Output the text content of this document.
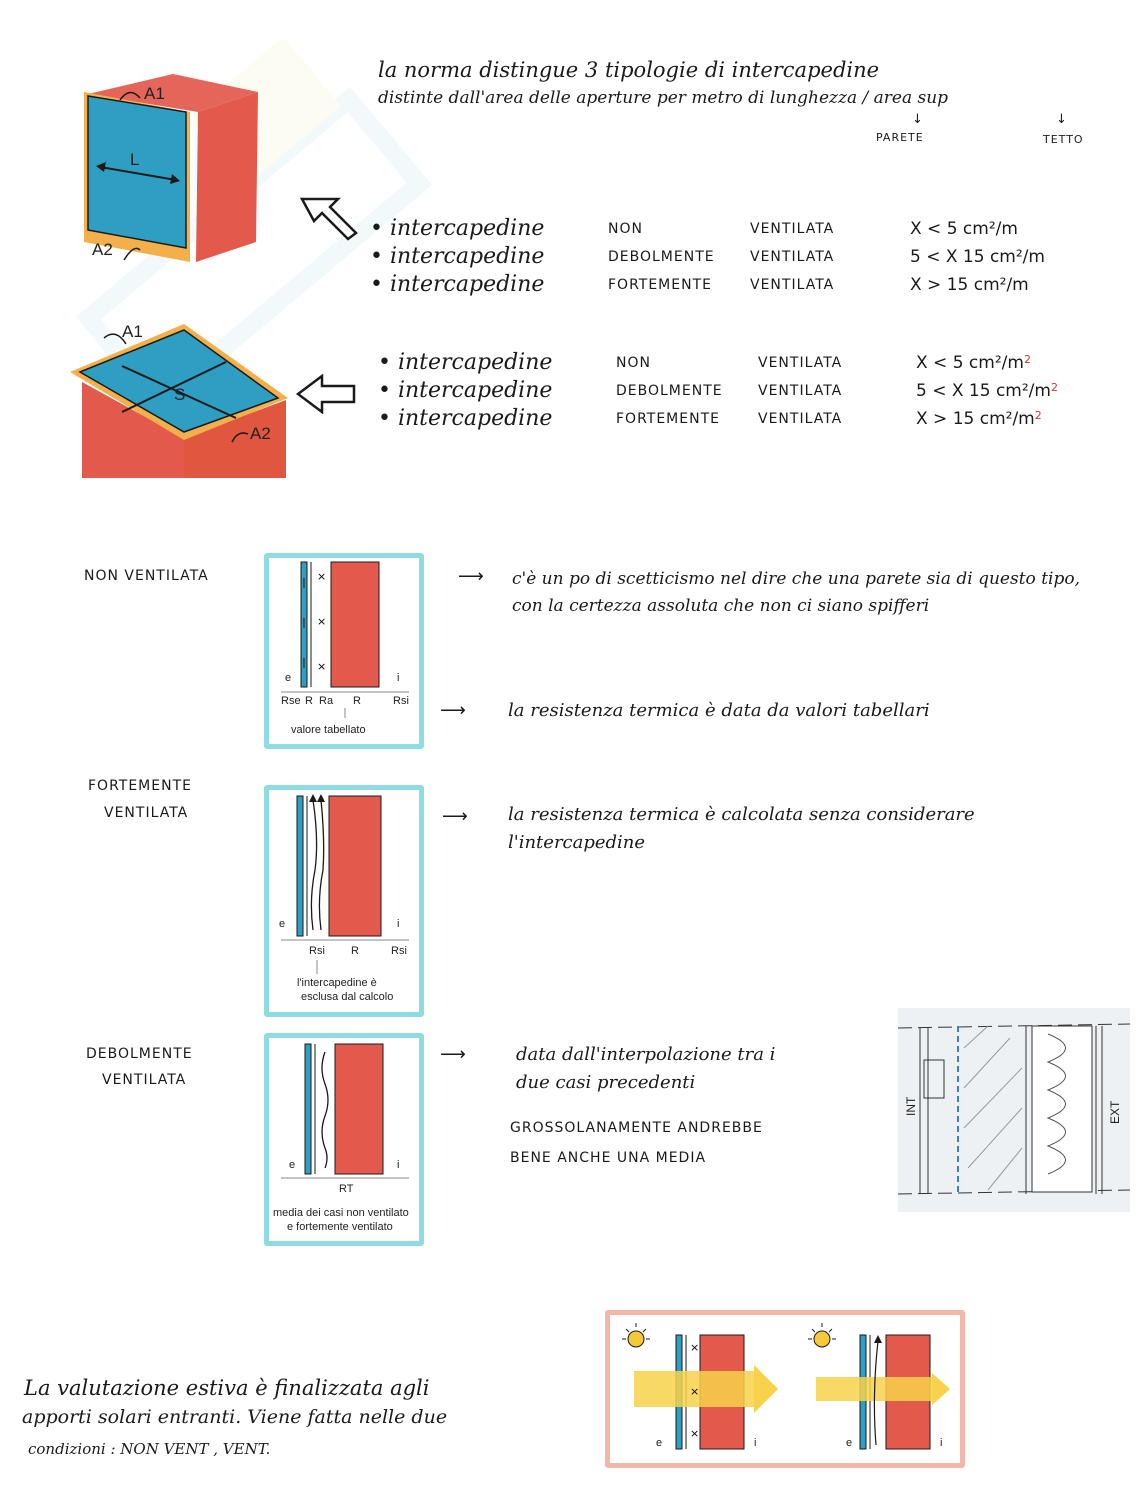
A1
L
A2
la norma distingue 3 tipologie di intercapedine
distinte dall'area delle aperture per metro di lunghezza / area sup
↓	↓
PARETE	TETTO
• intercapedine	NON	VENTILATA	X < 5 cm²/m
• intercapedine	DEBOLMENTE	VENTILATA	5 < X 15 cm²/m
• intercapedine	FORTEMENTE	VENTILATA	X > 15 cm²/m
A1
S
A2
• intercapedine	NON	VENTILATA	X < 5 cm²/$m^2$
• intercapedine	DEBOLMENTE	VENTILATA	5 < X 15 cm²/$m^2$
• intercapedine	FORTEMENTE	VENTILATA	X > 15 cm²/$m^2$
NON VENTILATA	×
×
×
e	i
Rse R Ra R	Rsi
valore tabellato
⟶ c'è un po di scetticismo nel dire che una parete sia di questo tipo, con la certezza assoluta che non ci siano spifferi
⟶ la resistenza termica è data da valori tabellari
FORTEMENTE
VENTILATA
e	i
Rsi R	Rsi
l'intercapedine è
esclusa dal calcolo
⟶ la resistenza termica è calcolata senza considerare
l'intercapedine
DEBOLMENTE
VENTILATA
e	i
RT
media dei casi non ventilato
e fortemente ventilato
⟶	data dall'interpolazione tra i
due casi precedenti
GROSSOLANAMENTE ANDREBBE
BENE ANCHE UNA MEDIA
INT	EXT
La valutazione estiva è finalizzata agli
apporti solari entranti. Viene fatta nelle due
condizioni : NON VENT , VENT.
×
×
×
e	i	e	i
